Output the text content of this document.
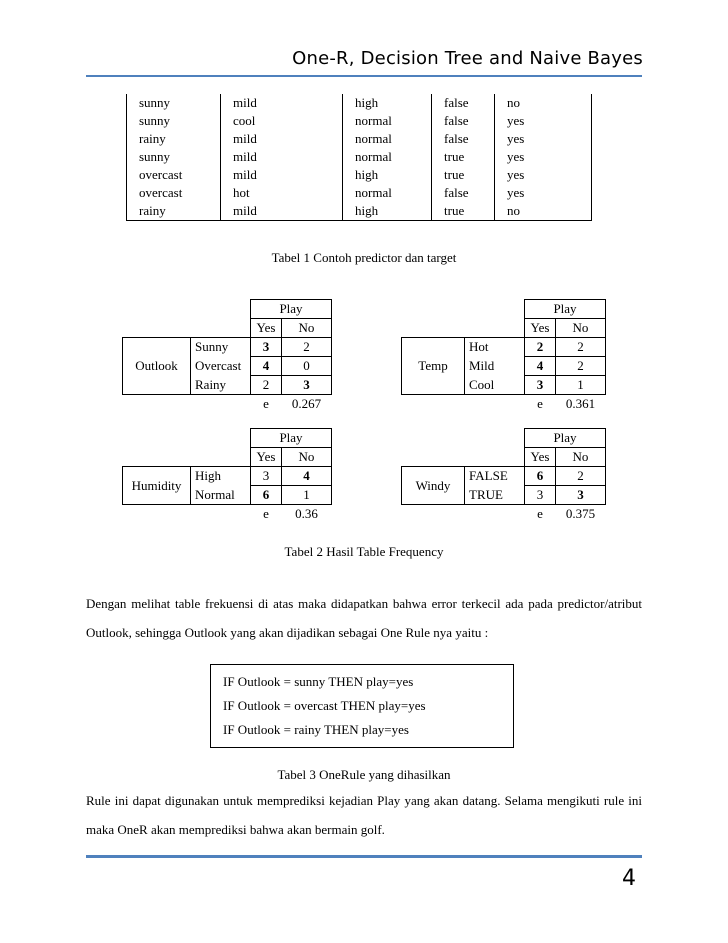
One-R, Decision Tree and Naive Bayes
sunny	mild	high	false	no
sunny	cool	normal	false	yes
rainy	mild	normal	false	yes
sunny	mild	normal	true	yes
overcast	mild	high	true	yes
overcast	hot	normal	false	yes
rainy	mild	high	true	no
Tabel 1 Contoh predictor dan target
		Play	
		Yes	No
Outlook	Sunny	3	2
	Overcast	4	0
	Rainy	2	3
		e	0.267
		Play	
		Yes	No
Temp	Hot	2	2
	Mild	4	2
	Cool	3	1
		e	0.361
		Play	
		Yes	No
Humidity	High	3	4
	Normal	6	1
		e	0.36
		Play	
		Yes	No
Windy	FALSE	6	2
	TRUE	3	3
		e	0.375
Tabel 2 Hasil Table Frequency
Dengan melihat table frekuensi di atas maka didapatkan bahwa error terkecil ada pada predictor/atribut Outlook, sehingga Outlook yang akan dijadikan sebagai One Rule nya yaitu :
IF Outlook = sunny THEN play=yes
IF Outlook = overcast THEN play=yes
IF Outlook = rainy THEN play=yes
Tabel 3 OneRule yang dihasilkan
Rule ini dapat digunakan untuk memprediksi kejadian Play yang akan datang. Selama mengikuti rule ini maka OneR akan memprediksi bahwa akan bermain golf.
4
